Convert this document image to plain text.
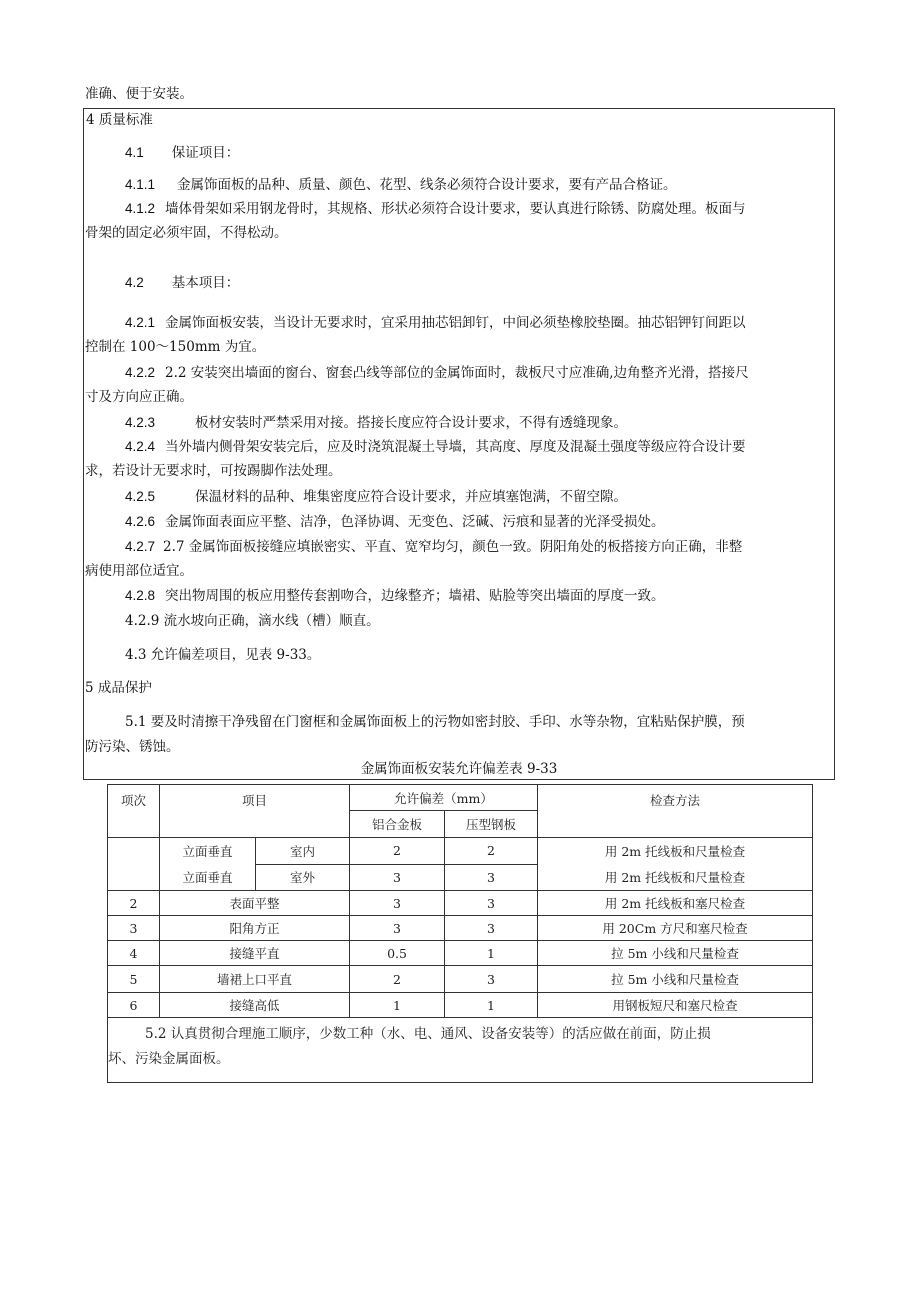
准确、便于安装。

4 质量标准

4.1 保证项目：

4.1.1 金属饰面板的品种、质量、颜色、花型、线条必须符合设计要求，要有产品合格证。

4.1.2 墙体骨架如采用钢龙骨时，其规格、形状必须符合设计要求，要认真进行除锈、防腐处理。板面与

骨架的固定必须牢固，不得松动。

4.2 基本项目：

4.2.1 金属饰面板安装，当设计无要求时，宜采用抽芯铝卸钉，中间必须垫橡胶垫圈。抽芯铝钾钉间距以

控制在 100～150mm 为宜。

4.2.2 2.2 安装突出墙面的窗台、窗套凸线等部位的金属饰面时，裁板尺寸应准确,边角整齐光滑，搭接尺

寸及方向应正确。

4.2.3	板材安装时严禁采用对接。搭接长度应符合设计要求，不得有透缝现象。

4.2.4 当外墙内侧骨架安装完后，应及时浇筑混凝土导墙，其高度、厚度及混凝土强度等级应符合设计要

求，若设计无要求时，可按踢脚作法处理。

4.2.5	保温材料的品种、堆集密度应符合设计要求，并应填塞饱满，不留空隙。

4.2.6 金属饰面表面应平整、洁净，色泽协调、无变色、泛碱、污痕和显著的光泽受损处。

4.2.7 2.7 金属饰面板接缝应填嵌密实、平直、宽窄均匀，颜色一致。阴阳角处的板搭接方向正确，非整

病使用部位适宜。

4.2.8 突出物周围的板应用整传套割吻合，边缘整齐；墙裙、贴脸等突出墙面的厚度一致。

4.2.9 流水坡向正确，滴水线（槽）顺直。

4.3 允许偏差项目，见表 9-33。

5 成品保护

5.1 要及时清擦干净残留在门窗框和金属饰面板上的污物如密封胶、手印、水等杂物，宜粘贴保护膜，预

防污染、锈蚀。

金属饰面板安装允许偏差表 9-33
项次	项目		允许偏差（mm）		检查方法
			铝合金板	压型钢板	
	立面垂直	室内	2	2	用 2m 托线板和尺量检查
	立面垂直	室外	3	3	用 2m 托线板和尺量检查
2	表面平整		3	3	用 2m 托线板和塞尺检查
3	阳角方正		3	3	用 20Cm 方尺和塞尺检查
4	接缝平直		0.5	1	拉 5m 小线和尺量检查
5	墙裙上口平直		2	3	拉 5m 小线和尺量检查
6	接缝高低		1	1	用钢板短尺和塞尺检查

5.2 认真贯彻合理施工顺序，少数工种（水、电、通风、设备安装等）的活应做在前面，防止损
坏、污染金属面板。					
